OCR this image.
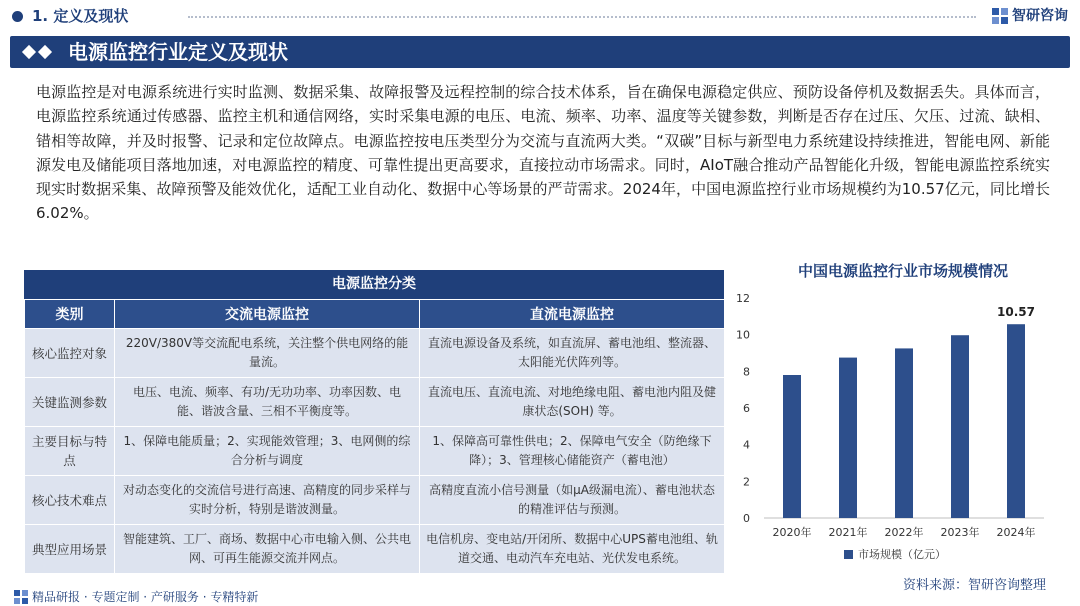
1. 定义及现状	智研咨询
电源监控行业定义及现状
电源监控是对电源系统进行实时监测、数据采集、故障报警及远程控制的综合技术体系，旨在确保电源稳定供应、预防设备停机及数据丢失。具体而言，电源监控系统通过传感器、监控主机和通信网络，实时采集电源的电压、电流、频率、功率、温度等关键参数，判断是否存在过压、欠压、过流、缺相、错相等故障，并及时报警、记录和定位故障点。电源监控按电压类型分为交流与直流两大类。“双碳”目标与新型电力系统建设持续推进，智能电网、新能源发电及储能项目落地加速，对电源监控的精度、可靠性提出更高要求，直接拉动市场需求。同时，AIoT融合推动产品智能化升级，智能电源监控系统实现实时数据采集、故障预警及能效优化，适配工业自动化、数据中心等场景的严苛需求。2024年，中国电源监控行业市场规模约为10.57亿元，同比增长6.02%。
电源监控分类
类别	交流电源监控	直流电源监控
核心监控对象	220V/380V等交流配电系统，关注整个供电网络的能量流。	直流电源设备及系统，如直流屏、蓄电池组、整流器、太阳能光伏阵列等。
关键监测参数	电压、电流、频率、有功/无功功率、功率因数、电能、谐波含量、三相不平衡度等。	直流电压、直流电流、对地绝缘电阻、蓄电池内阻及健康状态(SOH) 等。
主要目标与特点	1、保障电能质量；2、实现能效管理；3、电网侧的综合分析与调度	1、保障高可靠性供电；2、保障电气安全（防绝缘下降）；3、管理核心储能资产（蓄电池）
核心技术难点	对动态变化的交流信号进行高速、高精度的同步采样与实时分析，特别是谐波测量。	高精度直流小信号测量（如μA级漏电流）、蓄电池状态的精准评估与预测。
典型应用场景	智能建筑、工厂、商场、数据中心市电输入侧、公共电网、可再生能源交流并网点。	电信机房、变电站/开闭所、数据中心UPS蓄电池组、轨道交通、电动汽车充电站、光伏发电系统。
中国电源监控行业市场规模情况
0
2
4
6
8
10
12
2020年 2021年 2022年 2023年 2024年
10.57
市场规模（亿元）
资料来源：智研咨询整理
精品研报 · 专题定制 · 产研服务 · 专精特新
